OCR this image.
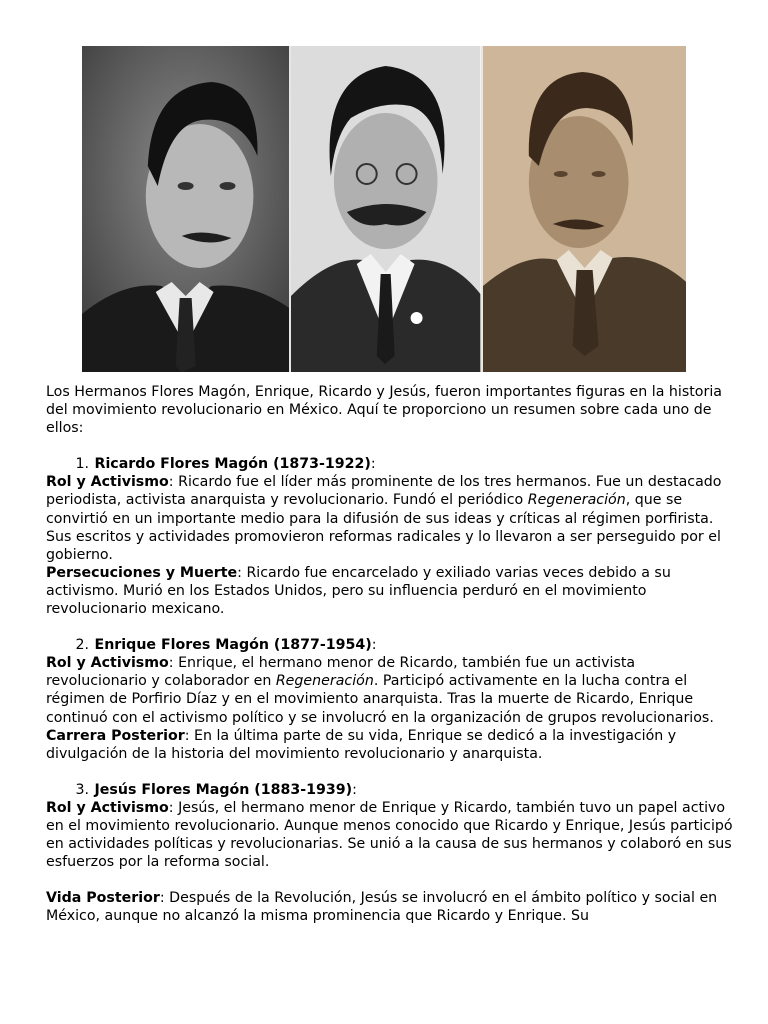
Los Hermanos Flores Magón, Enrique, Ricardo y Jesús, fueron importantes figuras en la historia del movimiento revolucionario en México. Aquí te proporciono un resumen sobre cada uno de ellos:

1. Ricardo Flores Magón (1873-1922):

Rol y Activismo: Ricardo fue el líder más prominente de los tres hermanos. Fue un destacado periodista, activista anarquista y revolucionario. Fundó el periódico Regeneración, que se convirtió en un importante medio para la difusión de sus ideas y críticas al régimen porfirista. Sus escritos y actividades promovieron reformas radicales y lo llevaron a ser perseguido por el gobierno.

Persecuciones y Muerte: Ricardo fue encarcelado y exiliado varias veces debido a su activismo. Murió en los Estados Unidos, pero su influencia perduró en el movimiento revolucionario mexicano.

2. Enrique Flores Magón (1877-1954):

Rol y Activismo: Enrique, el hermano menor de Ricardo, también fue un activista revolucionario y colaborador en Regeneración. Participó activamente en la lucha contra el régimen de Porfirio Díaz y en el movimiento anarquista. Tras la muerte de Ricardo, Enrique continuó con el activismo político y se involucró en la organización de grupos revolucionarios.

Carrera Posterior: En la última parte de su vida, Enrique se dedicó a la investigación y divulgación de la historia del movimiento revolucionario y anarquista.

3. Jesús Flores Magón (1883-1939):

Rol y Activismo: Jesús, el hermano menor de Enrique y Ricardo, también tuvo un papel activo en el movimiento revolucionario. Aunque menos conocido que Ricardo y Enrique, Jesús participó en actividades políticas y revolucionarias. Se unió a la causa de sus hermanos y colaboró en sus esfuerzos por la reforma social.

Vida Posterior: Después de la Revolución, Jesús se involucró en el ámbito político y social en México, aunque no alcanzó la misma prominencia que Ricardo y Enrique. Su
